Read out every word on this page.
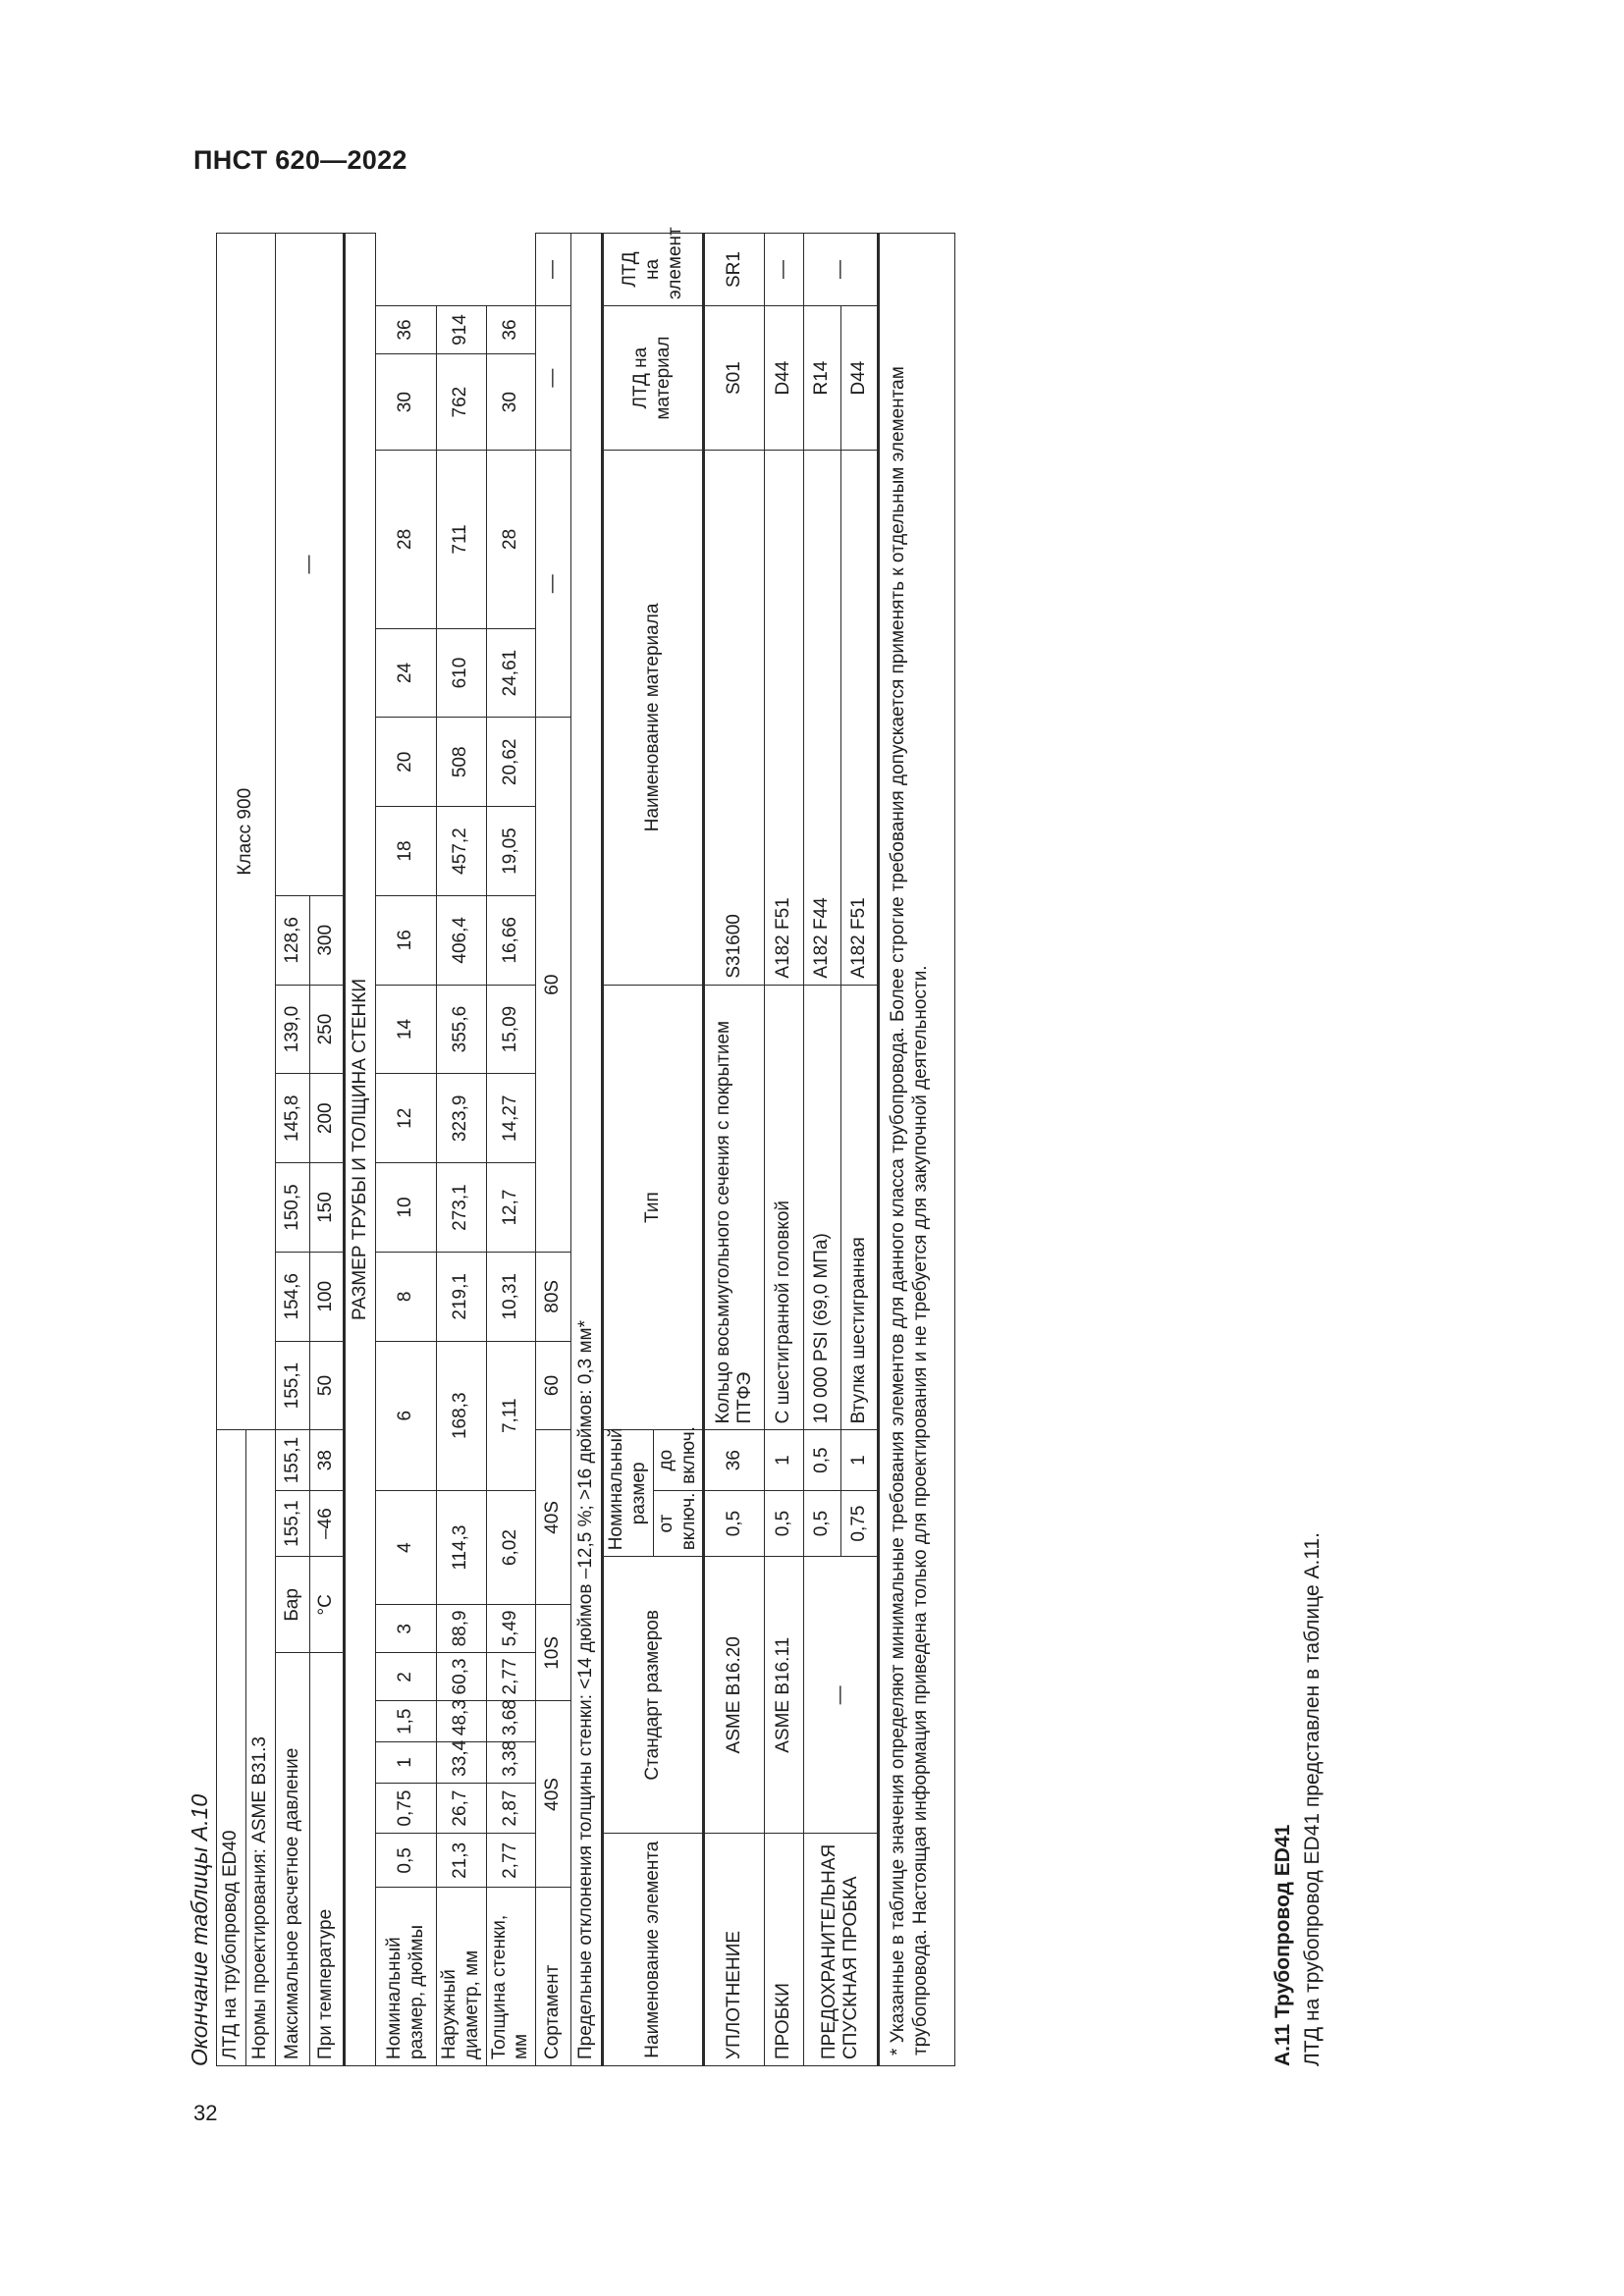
ПНСТ 620—2022
32
Окончание таблицы А.10 ЛТД на трубопровод ED40										Класс 900												
Нормы проектирования: ASME B31.3																						
Максимальное расчетное давление						Бар		155,1	155,1	155,1	154,6	150,5	145,8	139,0	128,6	—						
При температуре						°С		–46	38	50	100	150	200	250	300							
РАЗМЕР ТРУБЫ И ТОЛЩИНА СТЕНКИ																						
Номинальный размер, дюймы	0,5	0,75	1	1,5	2	3	4		6		8	10	12	14	16	18	20	24	28	30	36	
Наружный диаметр, мм	21,3	26,7	33,4	48,3	60,3	88,9	114,3		168,3		219,1	273,1	323,9	355,6	406,4	457,2	508	610	711	762	914	
Толщина стенки, мм	2,77	2,87	3,38	3,68	2,77	5,49	6,02		7,11		10,31	12,7	14,27	15,09	16,66	19,05	20,62	24,61	28	30	36	
Сортамент	40S				10S		40S			60	80S	60						—		—		—
Предельные отклонения толщины стенки: <14 дюймов –12,5 %; >16 дюймов: 0,3 мм*																						
Наименование элемента		Стандарт размеров						Номинальный размер		Тип					Наименование материала					ЛТД на материал		ЛТД на элемент
								от включ.	до включ.													
УПЛОТНЕНИЕ		ASME B16.20						0,5	36	Кольцо восьмиугольного сечения с покрытием ПТФЭ					S31600					S01		SR1
ПРОБКИ		ASME B16.11						0,5	1	С шестигранной головкой					A182 F51					D44		—
ПРЕДОХРАНИТЕЛЬНАЯ СПУСКНАЯ ПРОБКА		—						0,5	0,5	10 000 PSI (69,0 МПа)					A182 F44					R14		—
								0,75	1	Втулка шестигранная					A182 F51					D44		
* Указанные в таблице значения определяют минимальные требования элементов для данного класса трубопровода. Более строгие требования допускается применять к отдельным элементам трубопровода. Настоящая информация приведена только для проектирования и не требуется для закупочной деятельности.																							А.11 Трубопровод ED41 ЛТД на трубопровод ED41 представлен в таблице А.11.
